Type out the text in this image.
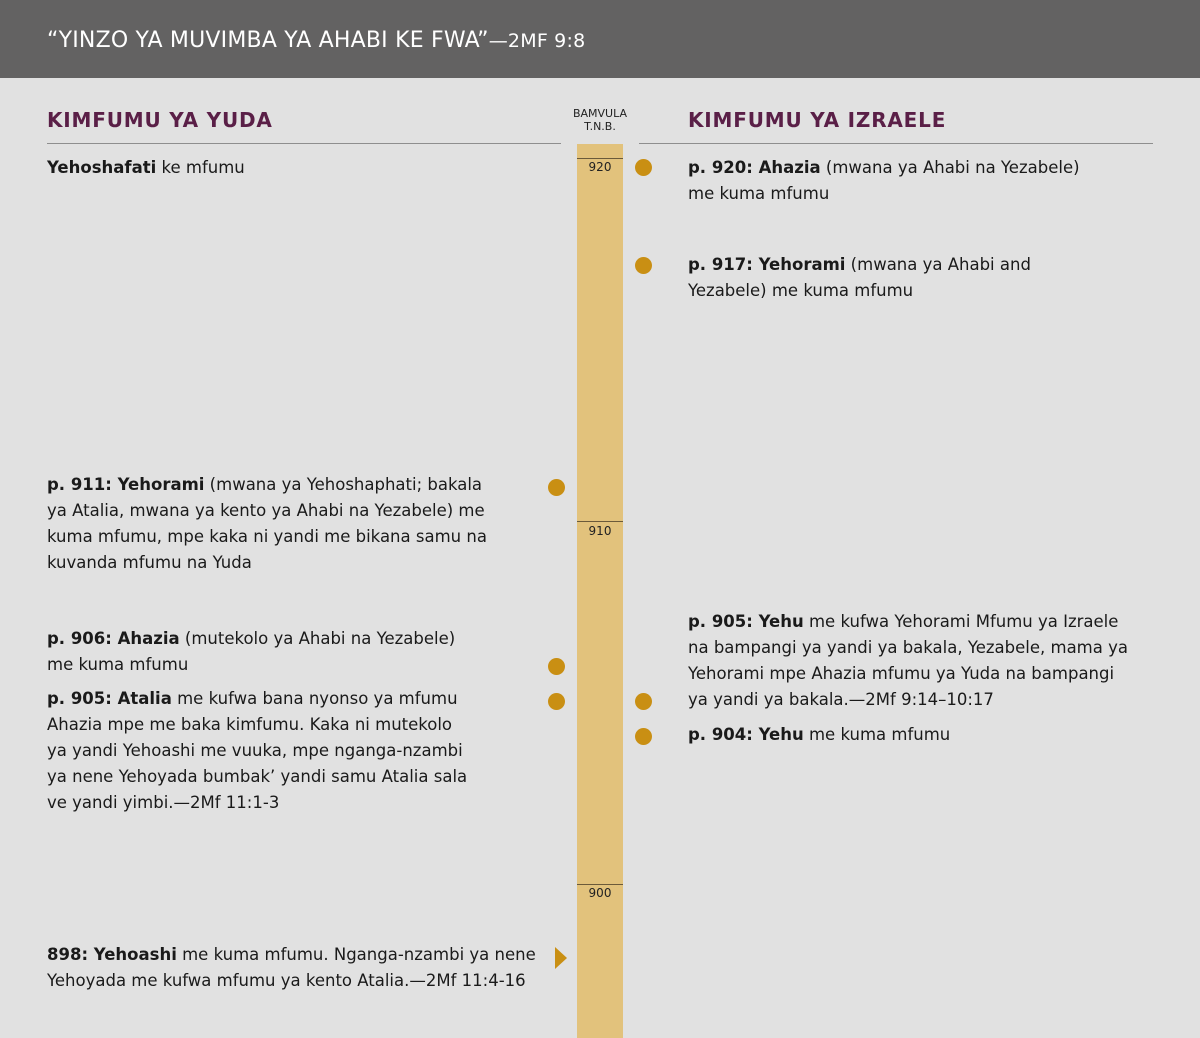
“YINZO YA MUVIMBA YA AHABI KE FWA”—2MF 9:8
KIMFUMU YA YUDA	KIMFUMU YA IZRAELE
BAMVULA
T.N.B.
920
910
900
Yehoshafati ke mfumu
p. 911: Yehorami (mwana ya Yehoshaphati; bakala ya Atalia, mwana ya kento ya Ahabi na Yezabele) me kuma mfumu, mpe kaka ni yandi me bikana samu na kuvanda mfumu na Yuda
p. 906: Ahazia (mutekolo ya Ahabi na Yezabele) me kuma mfumu
p. 905: Atalia me kufwa bana nyonso ya mfumu Ahazia mpe me baka kimfumu. Kaka ni mutekolo ya yandi Yehoashi me vuuka, mpe nganga-nzambi ya nene Yehoyada bumbak’ yandi samu Atalia sala ve yandi yimbi.—2Mf 11:1-3
898: Yehoashi me kuma mfumu. Nganga-nzambi ya nene Yehoyada me kufwa mfumu ya kento Atalia.—2Mf 11:4-16
p. 920: Ahazia (mwana ya Ahabi na Yezabele) me kuma mfumu
p. 917: Yehorami (mwana ya Ahabi and Yezabele) me kuma mfumu
p. 905: Yehu me kufwa Yehorami Mfumu ya Izraele na bampangi ya yandi ya bakala, Yezabele, mama ya Yehorami mpe Ahazia mfumu ya Yuda na bampangi ya yandi ya bakala.—2Mf 9:14–10:17
p. 904: Yehu me kuma mfumu
